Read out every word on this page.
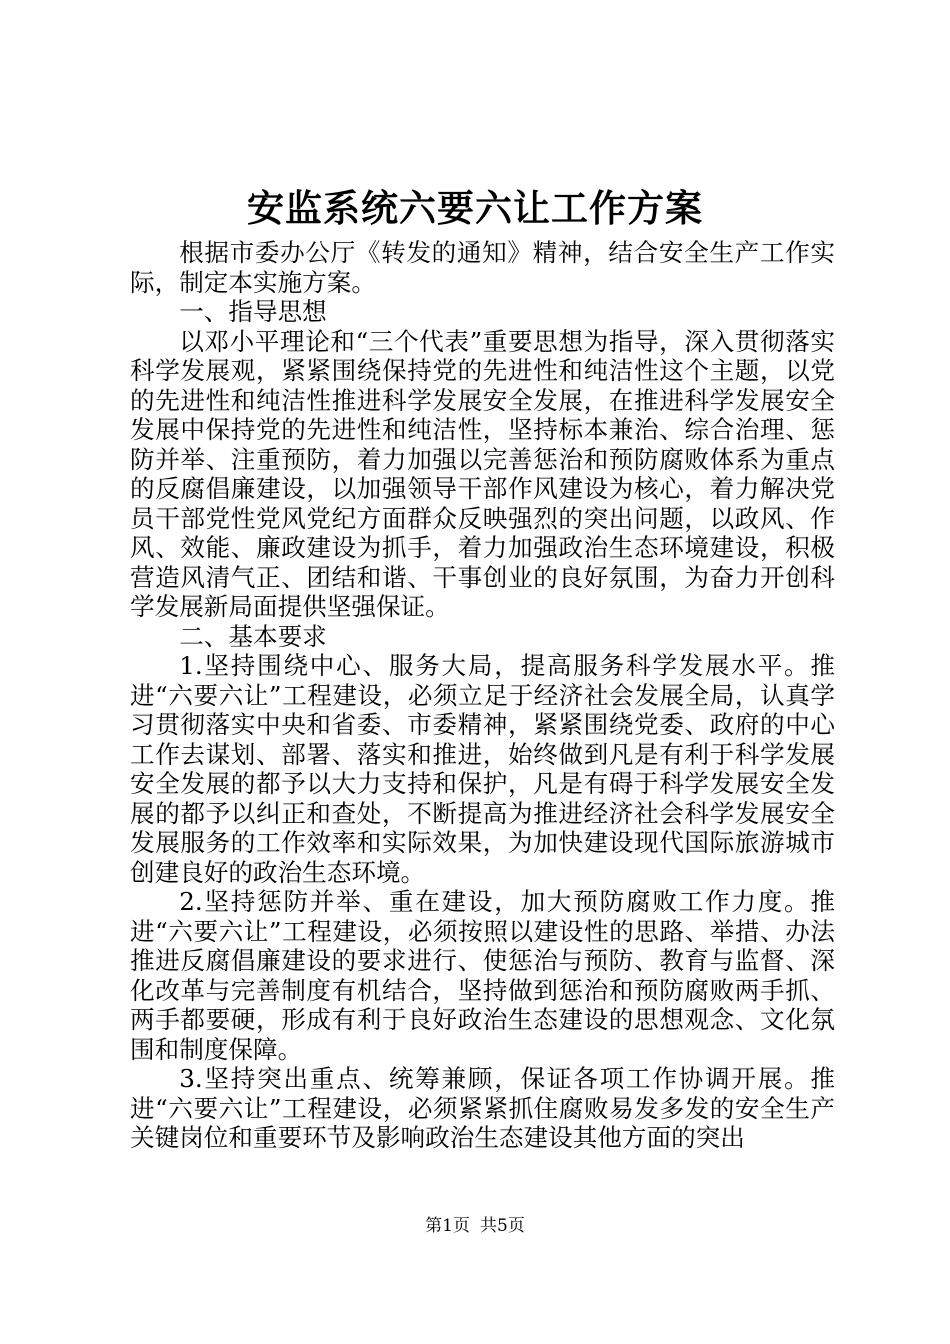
安监系统六要六让工作方案

根据市委办公厅《转发的通知》精神，结合安全生产工作实际，制定本实施方案。

一、指导思想

以邓小平理论和“三个代表”重要思想为指导，深入贯彻落实科学发展观，紧紧围绕保持党的先进性和纯洁性这个主题，以党的先进性和纯洁性推进科学发展安全发展，在推进科学发展安全发展中保持党的先进性和纯洁性，坚持标本兼治、综合治理、惩防并举、注重预防，着力加强以完善惩治和预防腐败体系为重点的反腐倡廉建设，以加强领导干部作风建设为核心，着力解决党员干部党性党风党纪方面群众反映强烈的突出问题，以政风、作风、效能、廉政建设为抓手，着力加强政治生态环境建设，积极营造风清气正、团结和谐、干事创业的良好氛围，为奋力开创科学发展新局面提供坚强保证。

二、基本要求

1.坚持围绕中心、服务大局，提高服务科学发展水平。推进“六要六让”工程建设，必须立足于经济社会发展全局，认真学习贯彻落实中央和省委、市委精神，紧紧围绕党委、政府的中心工作去谋划、部署、落实和推进，始终做到凡是有利于科学发展安全发展的都予以大力支持和保护，凡是有碍于科学发展安全发展的都予以纠正和查处，不断提高为推进经济社会科学发展安全发展服务的工作效率和实际效果，为加快建设现代国际旅游城市创建良好的政治生态环境。

2.坚持惩防并举、重在建设，加大预防腐败工作力度。推进“六要六让”工程建设，必须按照以建设性的思路、举措、办法推进反腐倡廉建设的要求进行、使惩治与预防、教育与监督、深化改革与完善制度有机结合，坚持做到惩治和预防腐败两手抓、两手都要硬，形成有利于良好政治生态建设的思想观念、文化氛围和制度保障。

3.坚持突出重点、统筹兼顾，保证各项工作协调开展。推进“六要六让”工程建设，必须紧紧抓住腐败易发多发的安全生产关键岗位和重要环节及影响政治生态建设其他方面的突出

第1页 共5页
